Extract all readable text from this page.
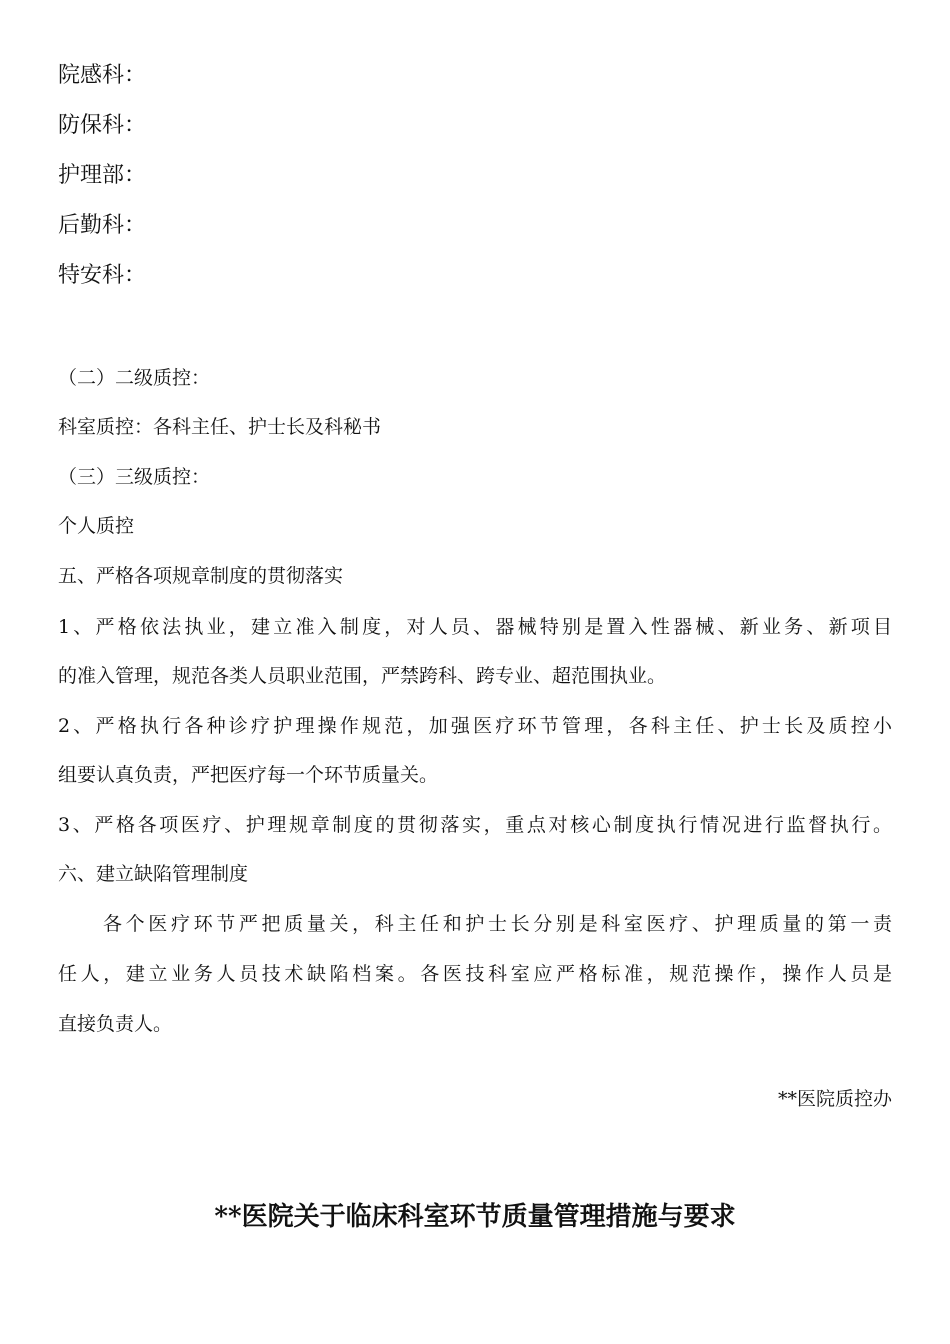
院感科：
防保科：
护理部：
后勤科：
特安科：
（二）二级质控：
科室质控：各科主任、护士长及科秘书
（三）三级质控：
个人质控
五、严格各项规章制度的贯彻落实
1、严格依法执业，建立准入制度，对人员、器械特别是置入性器械、新业务、新项目
的准入管理，规范各类人员职业范围，严禁跨科、跨专业、超范围执业。
2、严格执行各种诊疗护理操作规范，加强医疗环节管理，各科主任、护士长及质控小
组要认真负责，严把医疗每一个环节质量关。
3、严格各项医疗、护理规章制度的贯彻落实，重点对核心制度执行情况进行监督执行。
六、建立缺陷管理制度
各个医疗环节严把质量关，科主任和护士长分别是科室医疗、护理质量的第一责
任人，建立业务人员技术缺陷档案。各医技科室应严格标准，规范操作，操作人员是
直接负责人。
**医院质控办
**医院关于临床科室环节质量管理措施与要求
